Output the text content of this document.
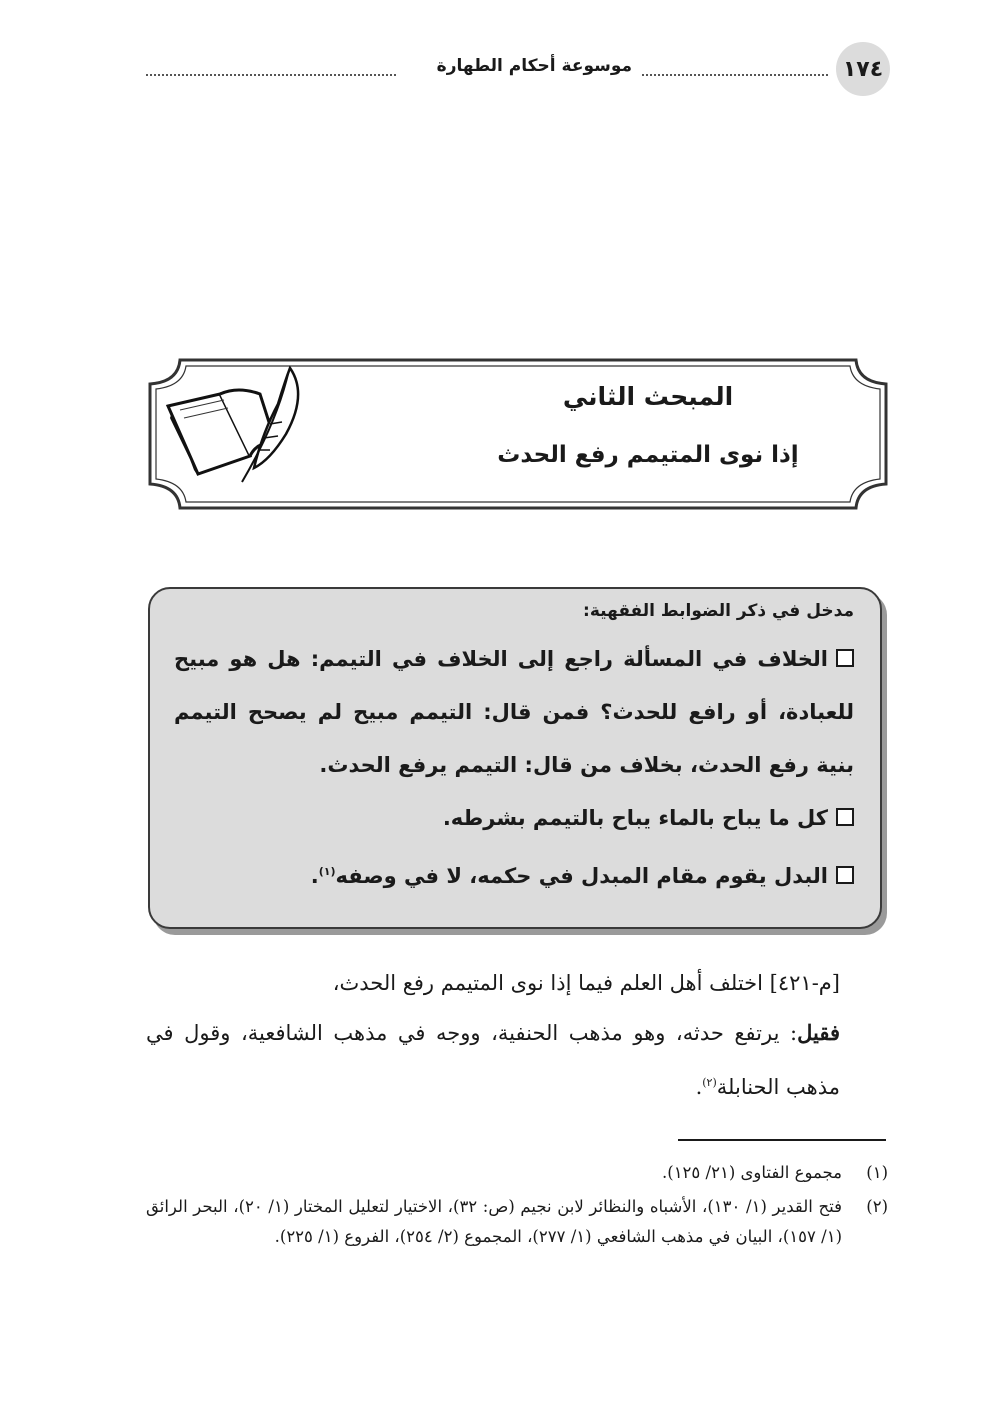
١٧٤
موسوعة أحكام الطهارة
المبحث الثاني
إذا نوى المتيمم رفع الحدث
مدخل في ذكر الضوابط الفقهية:

الخلاف في المسألة راجع إلى الخلاف في التيمم: هل هو مبيح للعبادة، أو رافع للحدث؟ فمن قال: التيمم مبيح لم يصحح التيمم بنية رفع الحدث، بخلاف من قال: التيمم يرفع الحدث.

كل ما يباح بالماء يباح بالتيمم بشرطه.

البدل يقوم مقام المبدل في حكمه، لا في وصفه$^{(١)}$.

[م-٤٢١] اختلف أهل العلم فيما إذا نوى المتيمم رفع الحدث،

فقيل: يرتفع حدثه، وهو مذهب الحنفية، ووجه في مذهب الشافعية، وقول في مذهب الحنابلة$^{(٢)}$.

(١)
مجموع الفتاوى (٢١/ ١٢٥).
(٢)
فتح القدير (١/ ١٣٠)، الأشباه والنظائر لابن نجيم (ص: ٣٢)، الاختيار لتعليل المختار (١/ ٢٠)، البحر الرائق (١/ ١٥٧)، البيان في مذهب الشافعي (١/ ٢٧٧)، المجموع (٢/ ٢٥٤)، الفروع (١/ ٢٢٥).
